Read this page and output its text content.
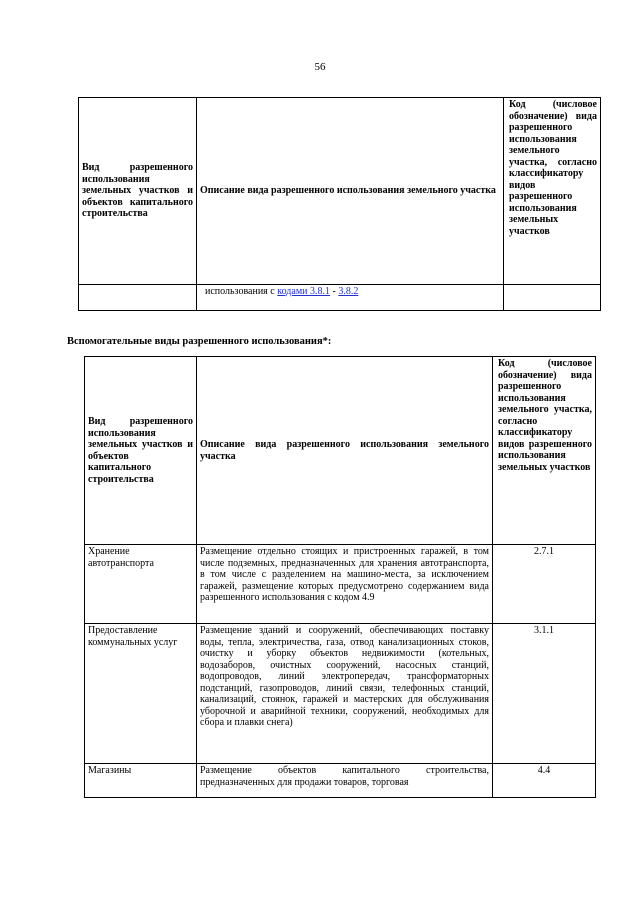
56
Вид разрешенного использования земельных участков и объектов капитального строительства	Описание вида разрешенного использования земельного участка	Код (числовое обозначение) вида разрешенного использования земельного участка, согласно классификатору видов разрешенного использования земельных участков
	использования с кодами 3.8.1 - 3.8.2	
Вспомогательные виды разрешенного использования*:
Вид разрешенного использования земельных участков и объектов капитального строительства	Описание вида разрешенного использования земельного участка	Код (числовое обозначение) вида разрешенного использования земельного участка, согласно классификатору видов разрешенного использования земельных участков
Хранение автотранспорта	Размещение отдельно стоящих и пристроенных гаражей, в том числе подземных, предназначенных для хранения автотранспорта, в том числе с разделением на машино-места, за исключением гаражей, размещение которых предусмотрено содержанием вида разрешенного использования с кодом 4.9	2.7.1
Предоставление коммунальных услуг	Размещение зданий и сооружений, обеспечивающих поставку воды, тепла, электричества, газа, отвод канализационных стоков, очистку и уборку объектов недвижимости (котельных, водозаборов, очистных сооружений, насосных станций, водопроводов, линий электропередач, трансформаторных подстанций, газопроводов, линий связи, телефонных станций, канализаций, стоянок, гаражей и мастерских для обслуживания уборочной и аварийной техники, сооружений, необходимых для сбора и плавки снега)	3.1.1
Магазины	Размещение объектов капитального строительства, предназначенных для продажи товаров, торговая	4.4
